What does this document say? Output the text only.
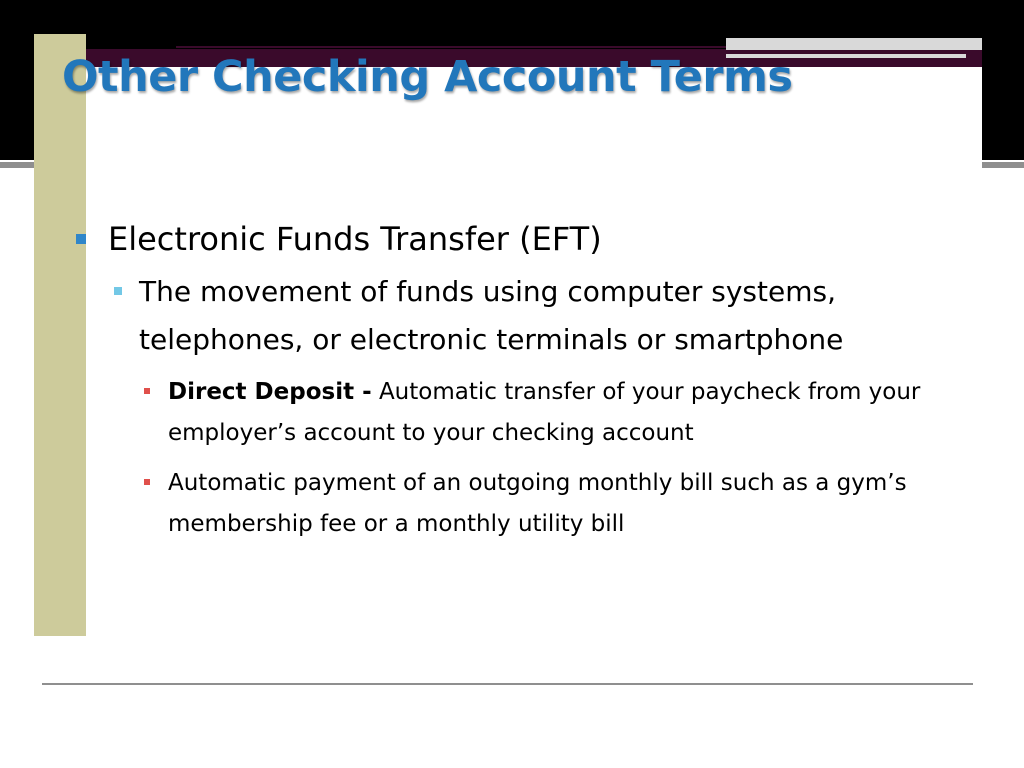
Other Checking Account Terms
Electronic Funds Transfer (EFT)
The movement of funds using computer systems, telephones, or electronic terminals or smartphone
Direct Deposit - Automatic transfer of your paycheck from your employer’s account to your checking account
Automatic payment of an outgoing monthly bill such as a gym’s membership fee or a monthly utility bill
